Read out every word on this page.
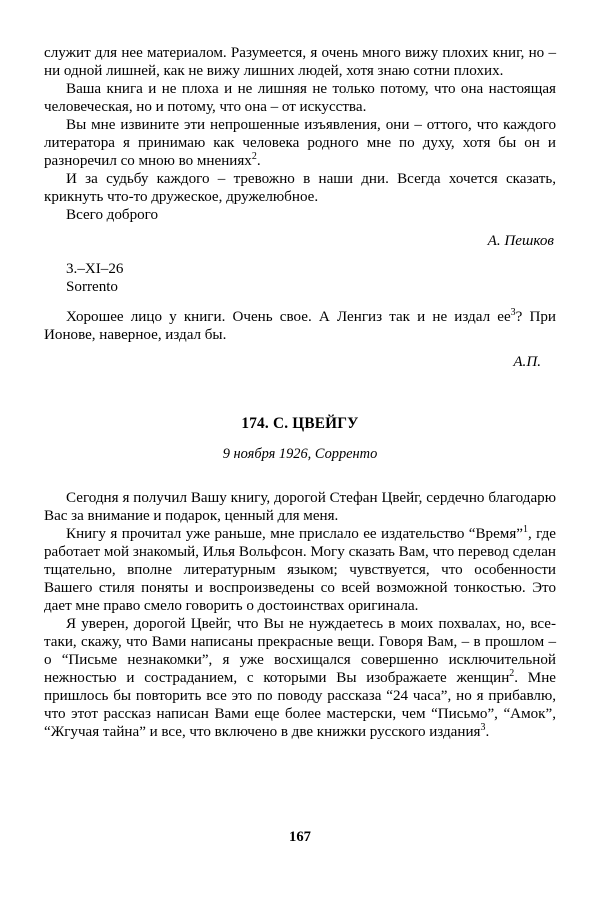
служит для нее материалом. Разумеется, я очень много вижу плохих книг, но – ни одной лишней, как не вижу лишних людей, хотя знаю сотни плохих.

Ваша книга и не плоха и не лишняя не только потому, что она настоящая человеческая, но и потому, что она – от искусства.

Вы мне извините эти непрошенные изъявления, они – оттого, что каждого литератора я принимаю как человека родного мне по духу, хотя бы он и разноречил со мною во мнениях$^2$.

И за судьбу каждого – тревожно в наши дни. Всегда хочется сказать, крикнуть что-то дружеское, дружелюбное.

Всего доброго

А. Пешков

3.–XI–26

Sorrento

Хорошее лицо у книги. Очень свое. А Ленгиз так и не издал $ее^3$? При Ионове, наверное, издал бы.

А.П.

174. С. ЦВЕЙГУ

9 ноября 1926, Сорренто

Сегодня я получил Вашу книгу, дорогой Стефан Цвейг, сердечно благодарю Вас за внимание и подарок, ценный для меня.

Книгу я прочитал уже раньше, мне прислало ее издательство “Время”$^1$, где работает мой знакомый, Илья Вольфсон. Могу сказать Вам, что перевод сделан тщательно, вполне литературным языком; чувствуется, что особенности Вашего стиля поняты и воспроизведены со всей возможной тонкостью. Это дает мне право смело говорить о достоинствах оригинала.

Я уверен, дорогой Цвейг, что Вы не нуждаетесь в моих похвалах, но, все-таки, скажу, что Вами написаны прекрасные вещи. Говоря Вам, – в прошлом – о “Письме незнакомки”, я уже восхищался совершенно исключительной нежностью и состраданием, с которыми Вы изображаете женщин$^2$. Мне пришлось бы повторить все это по поводу рассказа “24 часа”, но я прибавлю, что этот рассказ написан Вами еще более мастерски, чем “Письмо”, “Амок”, “Жгучая тайна” и все, что включено в две книжки русского издания$^3$.

167
